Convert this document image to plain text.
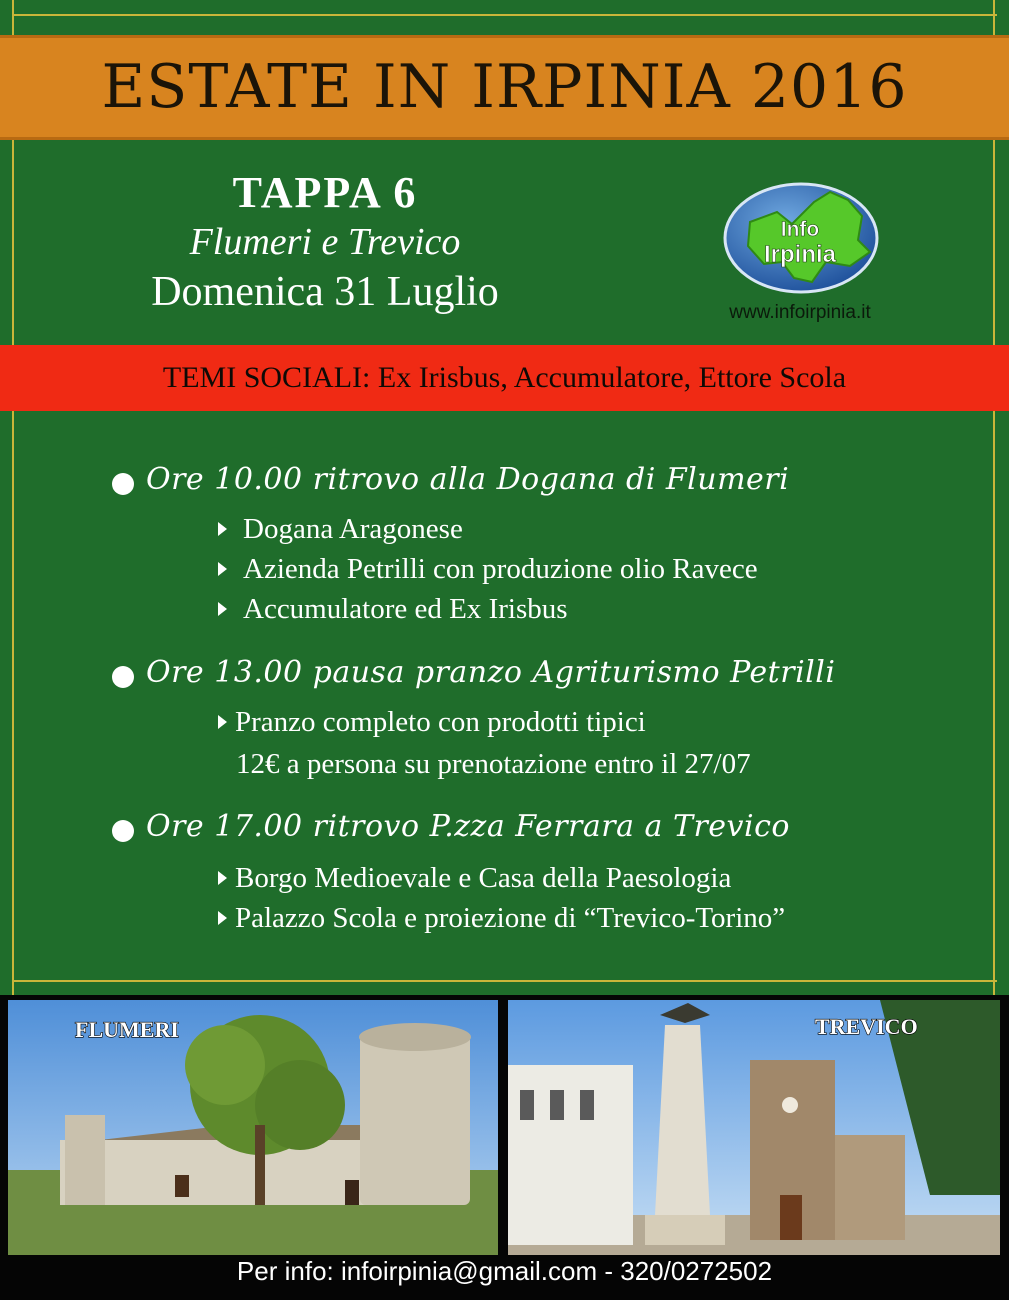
ESTATE IN IRPINIA 2016
TAPPA 6
Flumeri e Trevico
Domenica 31 Luglio
Info
Irpinia
www.infoirpinia.it
TEMI SOCIALI: Ex Irisbus, Accumulatore, Ettore Scola
Ore 10.00 ritrovo alla Dogana di Flumeri
Dogana Aragonese
Azienda Petrilli con produzione olio Ravece
Accumulatore ed Ex Irisbus
Ore 13.00 pausa pranzo Agriturismo Petrilli
Pranzo completo con prodotti tipici
12€ a persona su prenotazione entro il 27/07
Ore 17.00 ritrovo P.zza Ferrara a Trevico
Borgo Medioevale e Casa della Paesologia
Palazzo Scola e proiezione di “Trevico-Torino”
FLUMERI	TREVICO
Per info: infoirpinia@gmail.com - 320/0272502
